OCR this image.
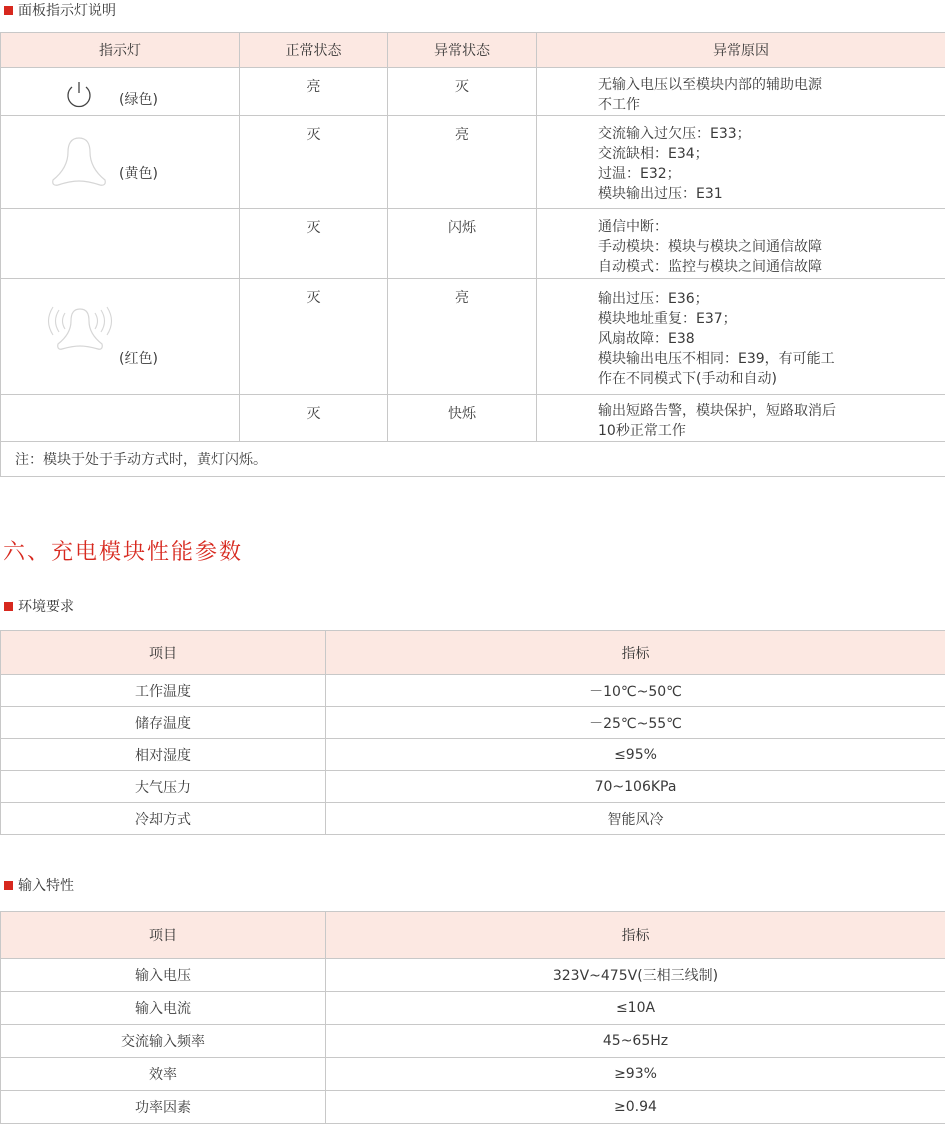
面板指示灯说明
指示灯	正常状态	异常状态	异常原因

(绿色)	亮	灭	无输入电压以至模块内部的辅助电源
不工作

(黄色)	灭	亮	交流输入过欠压：E33；
交流缺相：E34；
过温：E32；
模块输出过压：E31
	灭	闪烁	通信中断：
手动模块：模块与模块之间通信故障
自动模式：监控与模块之间通信故障

(红色)	灭	亮	输出过压：E36；
模块地址重复：E37；
风扇故障：E38
模块输出电压不相同：E39，有可能工
作在不同模式下(手动和自动)
	灭	快烁	输出短路告警，模块保护，短路取消后
10秒正常工作
注：模块于处于手动方式时，黄灯闪烁。			
六、充电模块性能参数
环境要求
项目	指标
工作温度	－10℃~50℃
储存温度	－25℃~55℃
相对湿度	≤95%
大气压力	70~106KPa
冷却方式	智能风冷
输入特性
项目	指标
输入电压	323V~475V(三相三线制)
输入电流	≤10A
交流输入频率	45~65Hz
效率	≥93%
功率因素	≥0.94
